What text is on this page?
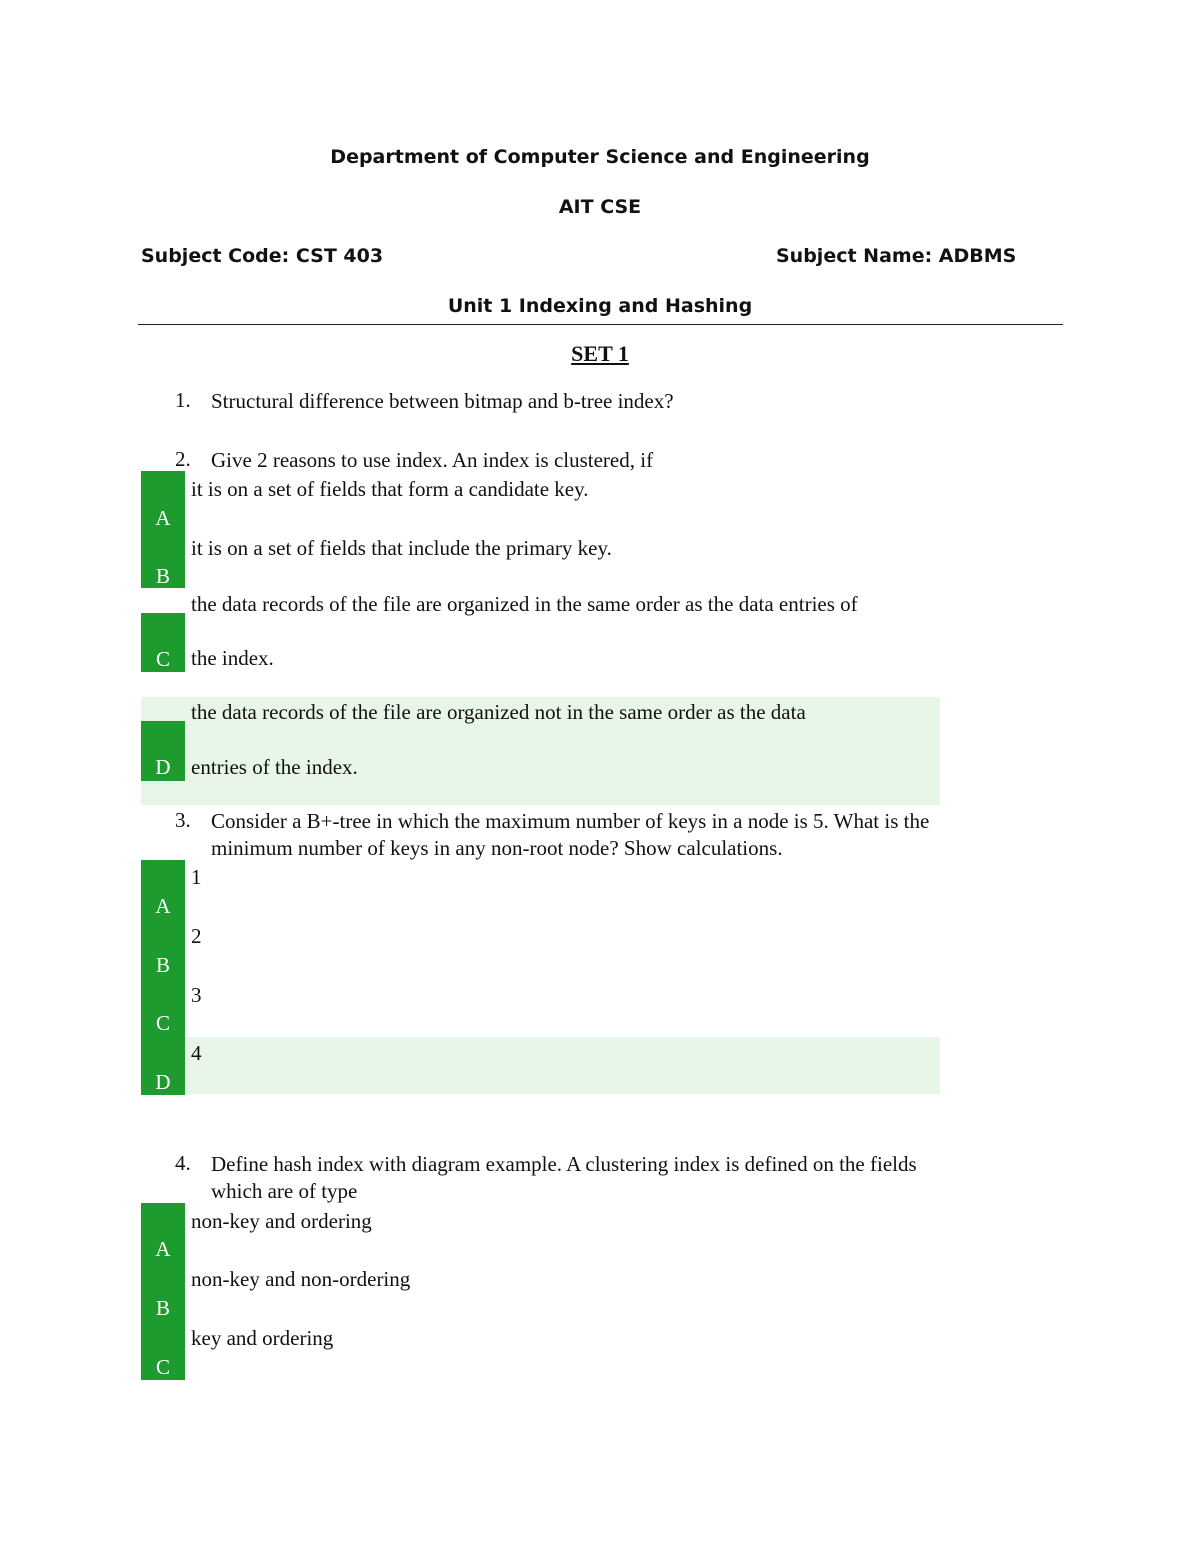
Department of Computer Science and Engineering
AIT CSE
Subject Code: CST 403	Subject Name: ADBMS
Unit 1 Indexing and Hashing
SET 1
1. Structural difference between bitmap and b-tree index?
2. Give 2 reasons to use index. An index is clustered, if
A
it is on a set of fields that form a candidate key.
B
it is on a set of fields that include the primary key.
C
the data records of the file are organized in the same order as the data entries of
the index.
D
the data records of the file are organized not in the same order as the data
entries of the index.
3. Consider a B+-tree in which the maximum number of keys in a node is 5. What is the
minimum number of keys in any non-root node? Show calculations.
A
1
B
2
C
3
D
4
4. Define hash index with diagram example. A clustering index is defined on the fields
which are of type
A
non-key and ordering
B
non-key and non-ordering
C
key and ordering
